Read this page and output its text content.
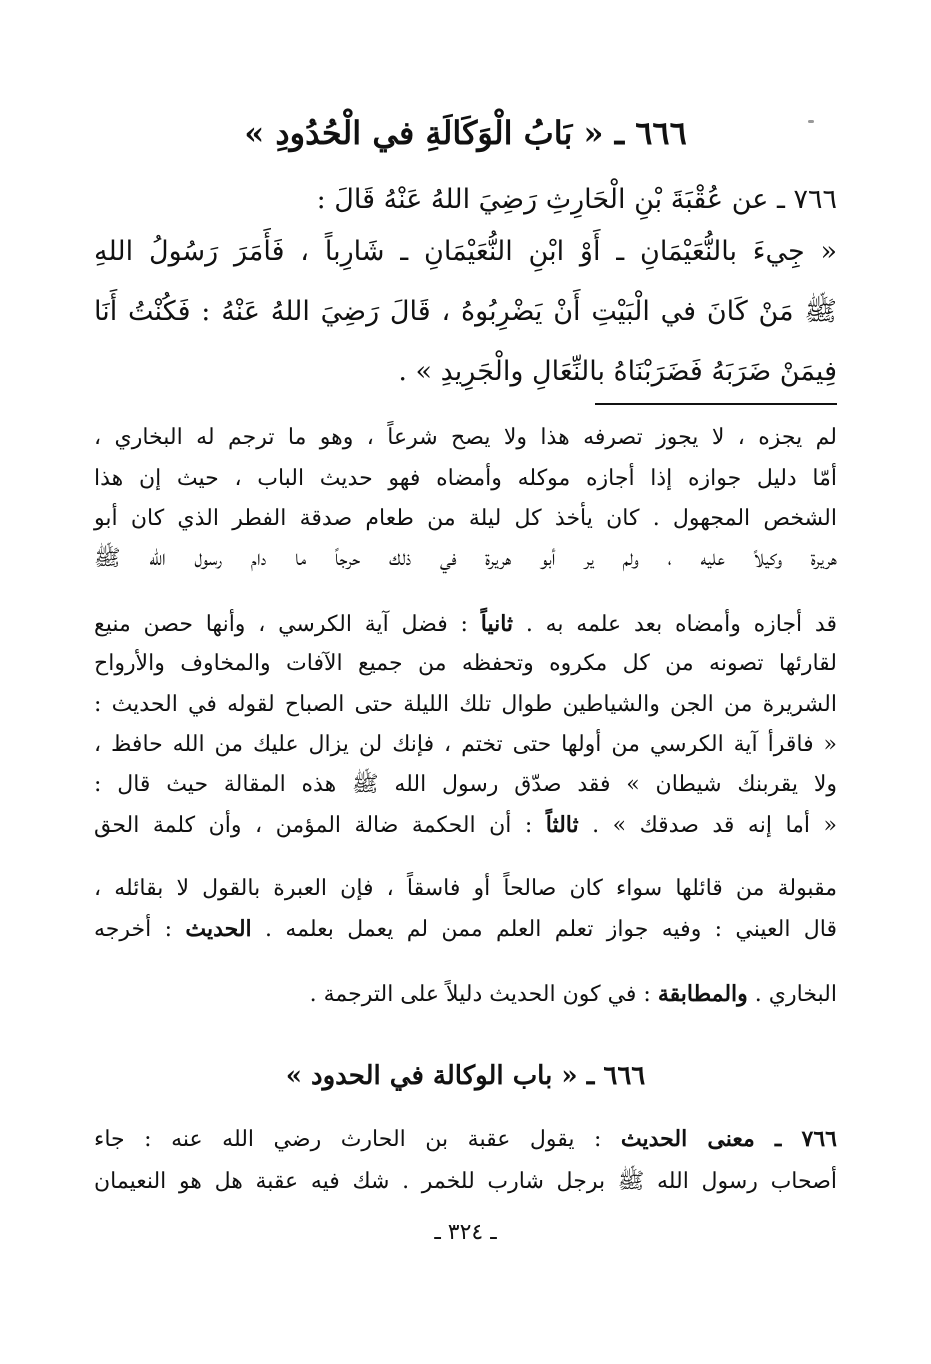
٦٦٦ ـ « بَابُ الْوَكَالَةِ في الْحُدُودِ »
٧٦٦ ـ عن عُقْبَةَ بْنِ الْحَارِثِ رَضِيَ اللهُ عَنْهُ قَالَ :
« جِيءَ بالنُّعَيْمَانِ ـ أَوْ ابْنِ النُّعَيْمَانِ ـ شَارِباً ، فَأَمَرَ رَسُولُ اللهِ
ﷺ مَنْ كَانَ في الْبَيْتِ أَنْ يَضْرِبُوهُ ، قَالَ رَضِيَ اللهُ عَنْهُ : فَكُنْتُ أَنَا
فِيمَنْ ضَرَبَهُ فَضَرَبْنَاهُ بالنِّعَالِ والْجَرِيدِ » .
لم يجزه ، لا يجوز تصرفه هذا ولا يصح شرعاً ، وهو ما ترجم له البخاري ،
أمّا دليل جوازه إذا أجازه موكله وأمضاه فهو حديث الباب ، حيث إن هذا
الشخص المجهول . كان يأخذ كل ليلة من طعام صدقة الفطر الذي كان أبو
هريرة وكيلاً عليه ، ولم ير أبو هريرة في ذلك حرجاً ما دام رسول الله ﷺ
قد أجازه وأمضاه بعد علمه به . ثانياً : فضل آية الكرسي ، وأنها حصن منيع
لقارئها تصونه من كل مكروه وتحفظه من جميع الآفات والمخاوف والأرواح
الشريرة من الجن والشياطين طوال تلك الليلة حتى الصباح لقوله في الحديث :
« فاقرأ آية الكرسي من أولها حتى تختم ، فإنك لن يزال عليك من الله حافظ ،
ولا يقربنك شيطان » فقد صدّق رسول الله ﷺ هذه المقالة حيث قال :
« أما إنه قد صدقك » . ثالثاً : أن الحكمة ضالة المؤمن ، وأن كلمة الحق
مقبولة من قائلها سواء كان صالحاً أو فاسقاً ، فإن العبرة بالقول لا بقائله ،
قال العيني : وفيه جواز تعلم العلم ممن لم يعمل بعلمه . الحديث : أخرجه
البخاري . والمطابقة : في كون الحديث دليلاً على الترجمة .
٦٦٦ ـ « باب الوكالة في الحدود »
٧٦٦ ـ معنى الحديث : يقول عقبة بن الحارث رضي الله عنه : جاء
أصحاب رسول الله ﷺ برجل شارب للخمر . شك فيه عقبة هل هو النعيمان
ـ ٣٢٤ ـ
